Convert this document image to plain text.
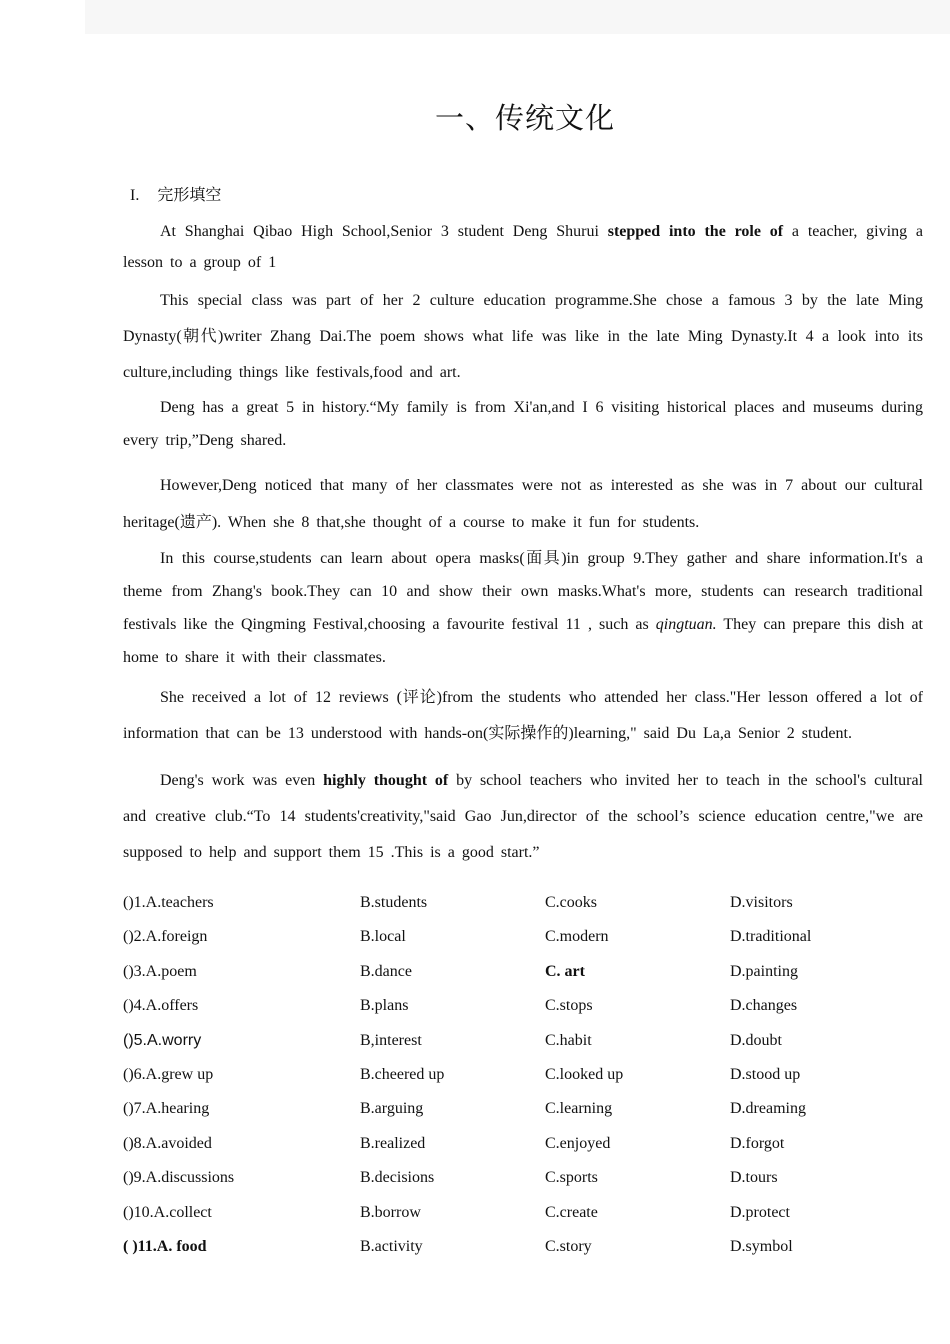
一、传统文化
I. 完形填空

At Shanghai Qibao High School,Senior 3 student Deng Shurui stepped into the role of a teacher, giving a lesson to a group of 1

This special class was part of her 2 culture education programme.She chose a famous 3 by the late Ming Dynasty(朝代)writer Zhang Dai.The poem shows what life was like in the late Ming Dynasty.It 4 a look into its culture,including things like festivals,food and art.

Deng has a great 5 in history.“My family is from Xi'an,and I 6 visiting historical places and museums during every trip,”Deng shared.

However,Deng noticed that many of her classmates were not as interested as she was in 7 about our cultural heritage(遗产). When she 8 that,she thought of a course to make it fun for students.

In this course,students can learn about opera masks(面具)in group 9.They gather and share information.It's a theme from Zhang's book.They can 10 and show their own masks.What's more, students can research traditional festivals like the Qingming Festival,choosing a favourite festival 11 , such as qingtuan. They can prepare this dish at home to share it with their classmates.

She received a lot of 12 reviews (评论)from the students who attended her class."Her lesson offered a lot of information that can be 13 understood with hands-on(实际操作的)learning," said Du La,a Senior 2 student.

Deng's work was even highly thought of by school teachers who invited her to teach in the school's cultural and creative club.“To 14 students'creativity,"said Gao Jun,director of the school’s science education centre,"we are supposed to help and support them 15 .This is a good start.”

()1.A.teachers	B.students	C.cooks	D.visitors
()2.A.foreign	B.local	C.modern	D.traditional
()3.A.poem	B.dance	C. art	D.painting
()4.A.offers	B.plans	C.stops	D.changes
()5.A.worry	B,interest	C.habit	D.doubt
()6.A.grew up	B.cheered up	C.looked up	D.stood up
()7.A.hearing	B.arguing	C.learning	D.dreaming
()8.A.avoided	B.realized	C.enjoyed	D.forgot
()9.A.discussions	B.decisions	C.sports	D.tours
()10.A.collect	B.borrow	C.create	D.protect
( )11.A. food	B.activity	C.story	D.symbol
